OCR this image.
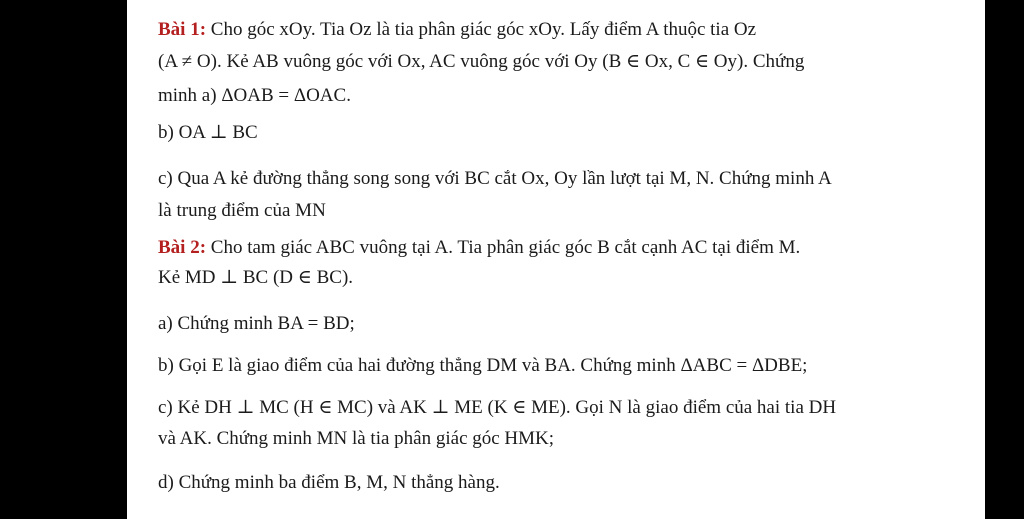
Bài 1: Cho góc xOy. Tia Oz là tia phân giác góc xOy. Lấy điểm A thuộc tia Oz

(A ≠ O). Kẻ AB vuông góc với Ox, AC vuông góc với Oy (B ∈ Ox, C ∈ Oy). Chứng

minh a) ΔOAB = ΔOAC.

b) OA ⊥ BC

c) Qua A kẻ đường thẳng song song với BC cắt Ox, Oy lần lượt tại M, N. Chứng minh A

là trung điểm của MN

Bài 2: Cho tam giác ABC vuông tại A. Tia phân giác góc B cắt cạnh AC tại điểm M.

Kẻ MD ⊥ BC (D ∈ BC).

a) Chứng minh BA = BD;

b) Gọi E là giao điểm của hai đường thẳng DM và BA. Chứng minh ΔABC = ΔDBE;

c) Kẻ DH ⊥ MC (H ∈ MC) và AK ⊥ ME (K ∈ ME). Gọi N là giao điểm của hai tia DH

và AK. Chứng minh MN là tia phân giác góc HMK;

d) Chứng minh ba điểm B, M, N thẳng hàng.
